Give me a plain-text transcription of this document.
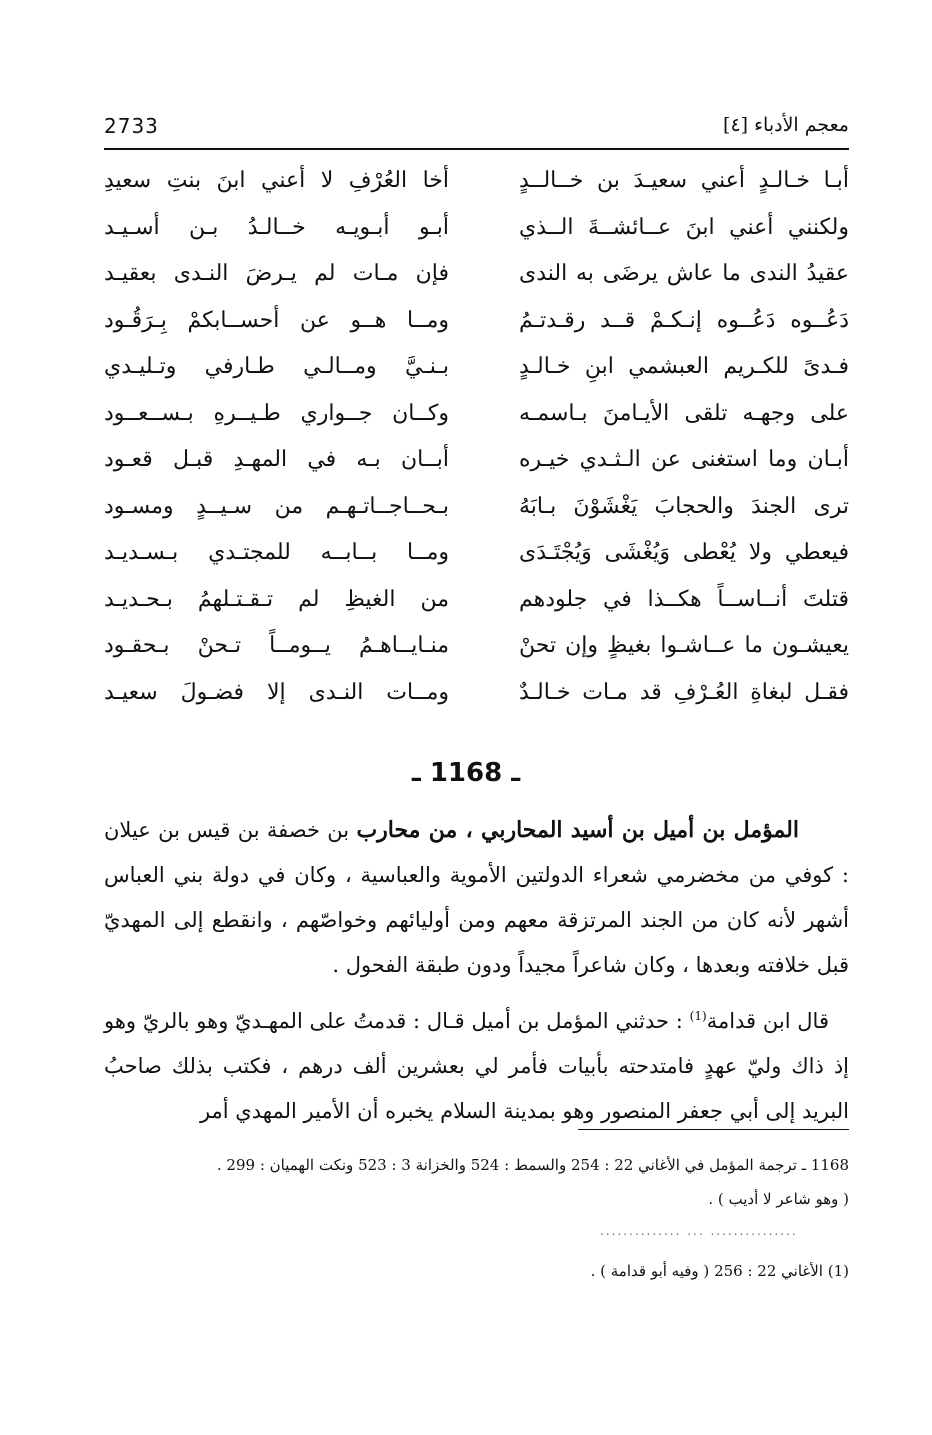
معجم الأدباء [٤]
2733
أبـا خـالـدٍ أعني سعيـدَ بن خــالــدٍ
أخا العُرْفِ لا أعني ابنَ بنتِ سعيدِ
ولكنني أعني ابنَ عــائشــةَ الــذي
أبـو أبـويـه خــالـدُ بـن أسـيـد
عقيدُ الندى ما عاش يرضَى به الندى
فإن مـات لم يـرضَ النـدى بعقيـد
دَعُــوه دَعُــوه إنـكـمْ قــد رقـدتـمُ
ومــا هــو عن أحســابكمْ بِـرَقُـود
فـدىً للكـريم العبشمي ابنِ خـالـدٍ
بـنـيَّ ومــالـي طـارفي وتـليـدي
على وجهـه تلقى الأيـامنَ بـاسمـه
وكــان جــواري طـيــرهِ بـســعــود
أبـان وما استغنى عن الـثـدي خيـره
أبــان بـه في المهـدِ قبـل قعـود
ترى الجندَ والحجابَ يَغْشَوْنَ بـابَهُ
بـحــاجــاتـهـم من سـيــدٍ ومسـود
فيعطي ولا يُعْطى وَيُغْشَى وَيُجْتَـدَى
ومــا بــابــه للمجتـدي بـسـديـد
قتلتَ أنــاســاً هكــذا في جلودهم
من الغيظِ لم تـقـتـلهمُ بـحـديـد
يعيشـون ما عــاشـوا بغيظٍ وإن تحنْ
منـايــاهـمُ يــومــاً تـحنْ بـحقـود
فقـل لبغاةِ العُـرْفِ قد مـات خـالـدٌ
ومــات النـدى إلا فضـولَ سعيـد
ـ 1168 ـ

المؤمل بن أميل بن أسيد المحاربي ، من محارب بن خصفة بن قيس بن عيلان : كوفي من مخضرمي شعراء الدولتين الأموية والعباسية ، وكان في دولة بني العباس أشهر لأنه كان من الجند المرتزقة معهم ومن أوليائهم وخواصّهم ، وانقطع إلى المهديّ قبل خلافته وبعدها ، وكان شاعراً مجيداً ودون طبقة الفحول .

قال ابن قدامة$^{(1)}$ : حدثني المؤمل بن أميل قـال : قدمتُ على المهـديّ وهو بالريّ وهو إذ ذاك وليّ عهدٍ فامتدحته بأبيات فأمر لي بعشرين ألف درهم ، فكتب بذلك صاحبُ البريد إلى أبي جعفر المنصور وهو بمدينة السلام يخبره أن الأمير المهدي أمر

1168 ـ ترجمة المؤمل في الأغاني 22 : 254 والسمط : 524 والخزانة 3 : 523 ونكت الهميان : 299 .

( وهو شاعر لا أديب ) .

.............. ... ...............
(1) الأغاني 22 : 256 ( وفيه أبو قدامة ) .
